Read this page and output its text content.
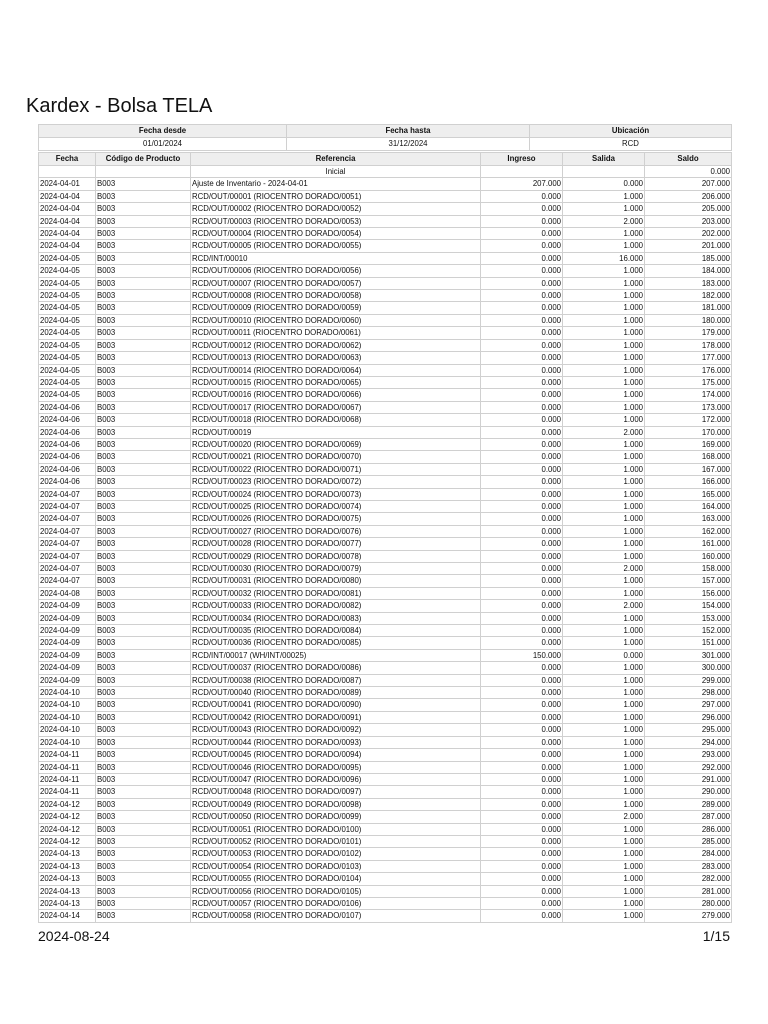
Kardex - Bolsa TELA
Fecha desde	Fecha hasta	Ubicación
01/01/2024	31/12/2024	RCD
Fecha	Código de Producto	Referencia	Ingreso	Salida	Saldo
		Inicial			0.000
2024-04-01	B003	Ajuste de Inventario - 2024-04-01	207.000	0.000	207.000
2024-04-04	B003	RCD/OUT/00001 (RIOCENTRO DORADO/0051)	0.000	1.000	206.000
2024-04-04	B003	RCD/OUT/00002 (RIOCENTRO DORADO/0052)	0.000	1.000	205.000
2024-04-04	B003	RCD/OUT/00003 (RIOCENTRO DORADO/0053)	0.000	2.000	203.000
2024-04-04	B003	RCD/OUT/00004 (RIOCENTRO DORADO/0054)	0.000	1.000	202.000
2024-04-04	B003	RCD/OUT/00005 (RIOCENTRO DORADO/0055)	0.000	1.000	201.000
2024-04-05	B003	RCD/INT/00010	0.000	16.000	185.000
2024-04-05	B003	RCD/OUT/00006 (RIOCENTRO DORADO/0056)	0.000	1.000	184.000
2024-04-05	B003	RCD/OUT/00007 (RIOCENTRO DORADO/0057)	0.000	1.000	183.000
2024-04-05	B003	RCD/OUT/00008 (RIOCENTRO DORADO/0058)	0.000	1.000	182.000
2024-04-05	B003	RCD/OUT/00009 (RIOCENTRO DORADO/0059)	0.000	1.000	181.000
2024-04-05	B003	RCD/OUT/00010 (RIOCENTRO DORADO/0060)	0.000	1.000	180.000
2024-04-05	B003	RCD/OUT/00011 (RIOCENTRO DORADO/0061)	0.000	1.000	179.000
2024-04-05	B003	RCD/OUT/00012 (RIOCENTRO DORADO/0062)	0.000	1.000	178.000
2024-04-05	B003	RCD/OUT/00013 (RIOCENTRO DORADO/0063)	0.000	1.000	177.000
2024-04-05	B003	RCD/OUT/00014 (RIOCENTRO DORADO/0064)	0.000	1.000	176.000
2024-04-05	B003	RCD/OUT/00015 (RIOCENTRO DORADO/0065)	0.000	1.000	175.000
2024-04-05	B003	RCD/OUT/00016 (RIOCENTRO DORADO/0066)	0.000	1.000	174.000
2024-04-06	B003	RCD/OUT/00017 (RIOCENTRO DORADO/0067)	0.000	1.000	173.000
2024-04-06	B003	RCD/OUT/00018 (RIOCENTRO DORADO/0068)	0.000	1.000	172.000
2024-04-06	B003	RCD/OUT/00019	0.000	2.000	170.000
2024-04-06	B003	RCD/OUT/00020 (RIOCENTRO DORADO/0069)	0.000	1.000	169.000
2024-04-06	B003	RCD/OUT/00021 (RIOCENTRO DORADO/0070)	0.000	1.000	168.000
2024-04-06	B003	RCD/OUT/00022 (RIOCENTRO DORADO/0071)	0.000	1.000	167.000
2024-04-06	B003	RCD/OUT/00023 (RIOCENTRO DORADO/0072)	0.000	1.000	166.000
2024-04-07	B003	RCD/OUT/00024 (RIOCENTRO DORADO/0073)	0.000	1.000	165.000
2024-04-07	B003	RCD/OUT/00025 (RIOCENTRO DORADO/0074)	0.000	1.000	164.000
2024-04-07	B003	RCD/OUT/00026 (RIOCENTRO DORADO/0075)	0.000	1.000	163.000
2024-04-07	B003	RCD/OUT/00027 (RIOCENTRO DORADO/0076)	0.000	1.000	162.000
2024-04-07	B003	RCD/OUT/00028 (RIOCENTRO DORADO/0077)	0.000	1.000	161.000
2024-04-07	B003	RCD/OUT/00029 (RIOCENTRO DORADO/0078)	0.000	1.000	160.000
2024-04-07	B003	RCD/OUT/00030 (RIOCENTRO DORADO/0079)	0.000	2.000	158.000
2024-04-07	B003	RCD/OUT/00031 (RIOCENTRO DORADO/0080)	0.000	1.000	157.000
2024-04-08	B003	RCD/OUT/00032 (RIOCENTRO DORADO/0081)	0.000	1.000	156.000
2024-04-09	B003	RCD/OUT/00033 (RIOCENTRO DORADO/0082)	0.000	2.000	154.000
2024-04-09	B003	RCD/OUT/00034 (RIOCENTRO DORADO/0083)	0.000	1.000	153.000
2024-04-09	B003	RCD/OUT/00035 (RIOCENTRO DORADO/0084)	0.000	1.000	152.000
2024-04-09	B003	RCD/OUT/00036 (RIOCENTRO DORADO/0085)	0.000	1.000	151.000
2024-04-09	B003	RCD/INT/00017 (WH/INT/00025)	150.000	0.000	301.000
2024-04-09	B003	RCD/OUT/00037 (RIOCENTRO DORADO/0086)	0.000	1.000	300.000
2024-04-09	B003	RCD/OUT/00038 (RIOCENTRO DORADO/0087)	0.000	1.000	299.000
2024-04-10	B003	RCD/OUT/00040 (RIOCENTRO DORADO/0089)	0.000	1.000	298.000
2024-04-10	B003	RCD/OUT/00041 (RIOCENTRO DORADO/0090)	0.000	1.000	297.000
2024-04-10	B003	RCD/OUT/00042 (RIOCENTRO DORADO/0091)	0.000	1.000	296.000
2024-04-10	B003	RCD/OUT/00043 (RIOCENTRO DORADO/0092)	0.000	1.000	295.000
2024-04-10	B003	RCD/OUT/00044 (RIOCENTRO DORADO/0093)	0.000	1.000	294.000
2024-04-11	B003	RCD/OUT/00045 (RIOCENTRO DORADO/0094)	0.000	1.000	293.000
2024-04-11	B003	RCD/OUT/00046 (RIOCENTRO DORADO/0095)	0.000	1.000	292.000
2024-04-11	B003	RCD/OUT/00047 (RIOCENTRO DORADO/0096)	0.000	1.000	291.000
2024-04-11	B003	RCD/OUT/00048 (RIOCENTRO DORADO/0097)	0.000	1.000	290.000
2024-04-12	B003	RCD/OUT/00049 (RIOCENTRO DORADO/0098)	0.000	1.000	289.000
2024-04-12	B003	RCD/OUT/00050 (RIOCENTRO DORADO/0099)	0.000	2.000	287.000
2024-04-12	B003	RCD/OUT/00051 (RIOCENTRO DORADO/0100)	0.000	1.000	286.000
2024-04-12	B003	RCD/OUT/00052 (RIOCENTRO DORADO/0101)	0.000	1.000	285.000
2024-04-13	B003	RCD/OUT/00053 (RIOCENTRO DORADO/0102)	0.000	1.000	284.000
2024-04-13	B003	RCD/OUT/00054 (RIOCENTRO DORADO/0103)	0.000	1.000	283.000
2024-04-13	B003	RCD/OUT/00055 (RIOCENTRO DORADO/0104)	0.000	1.000	282.000
2024-04-13	B003	RCD/OUT/00056 (RIOCENTRO DORADO/0105)	0.000	1.000	281.000
2024-04-13	B003	RCD/OUT/00057 (RIOCENTRO DORADO/0106)	0.000	1.000	280.000
2024-04-14	B003	RCD/OUT/00058 (RIOCENTRO DORADO/0107)	0.000	1.000	279.000
2024-08-24	1/15
